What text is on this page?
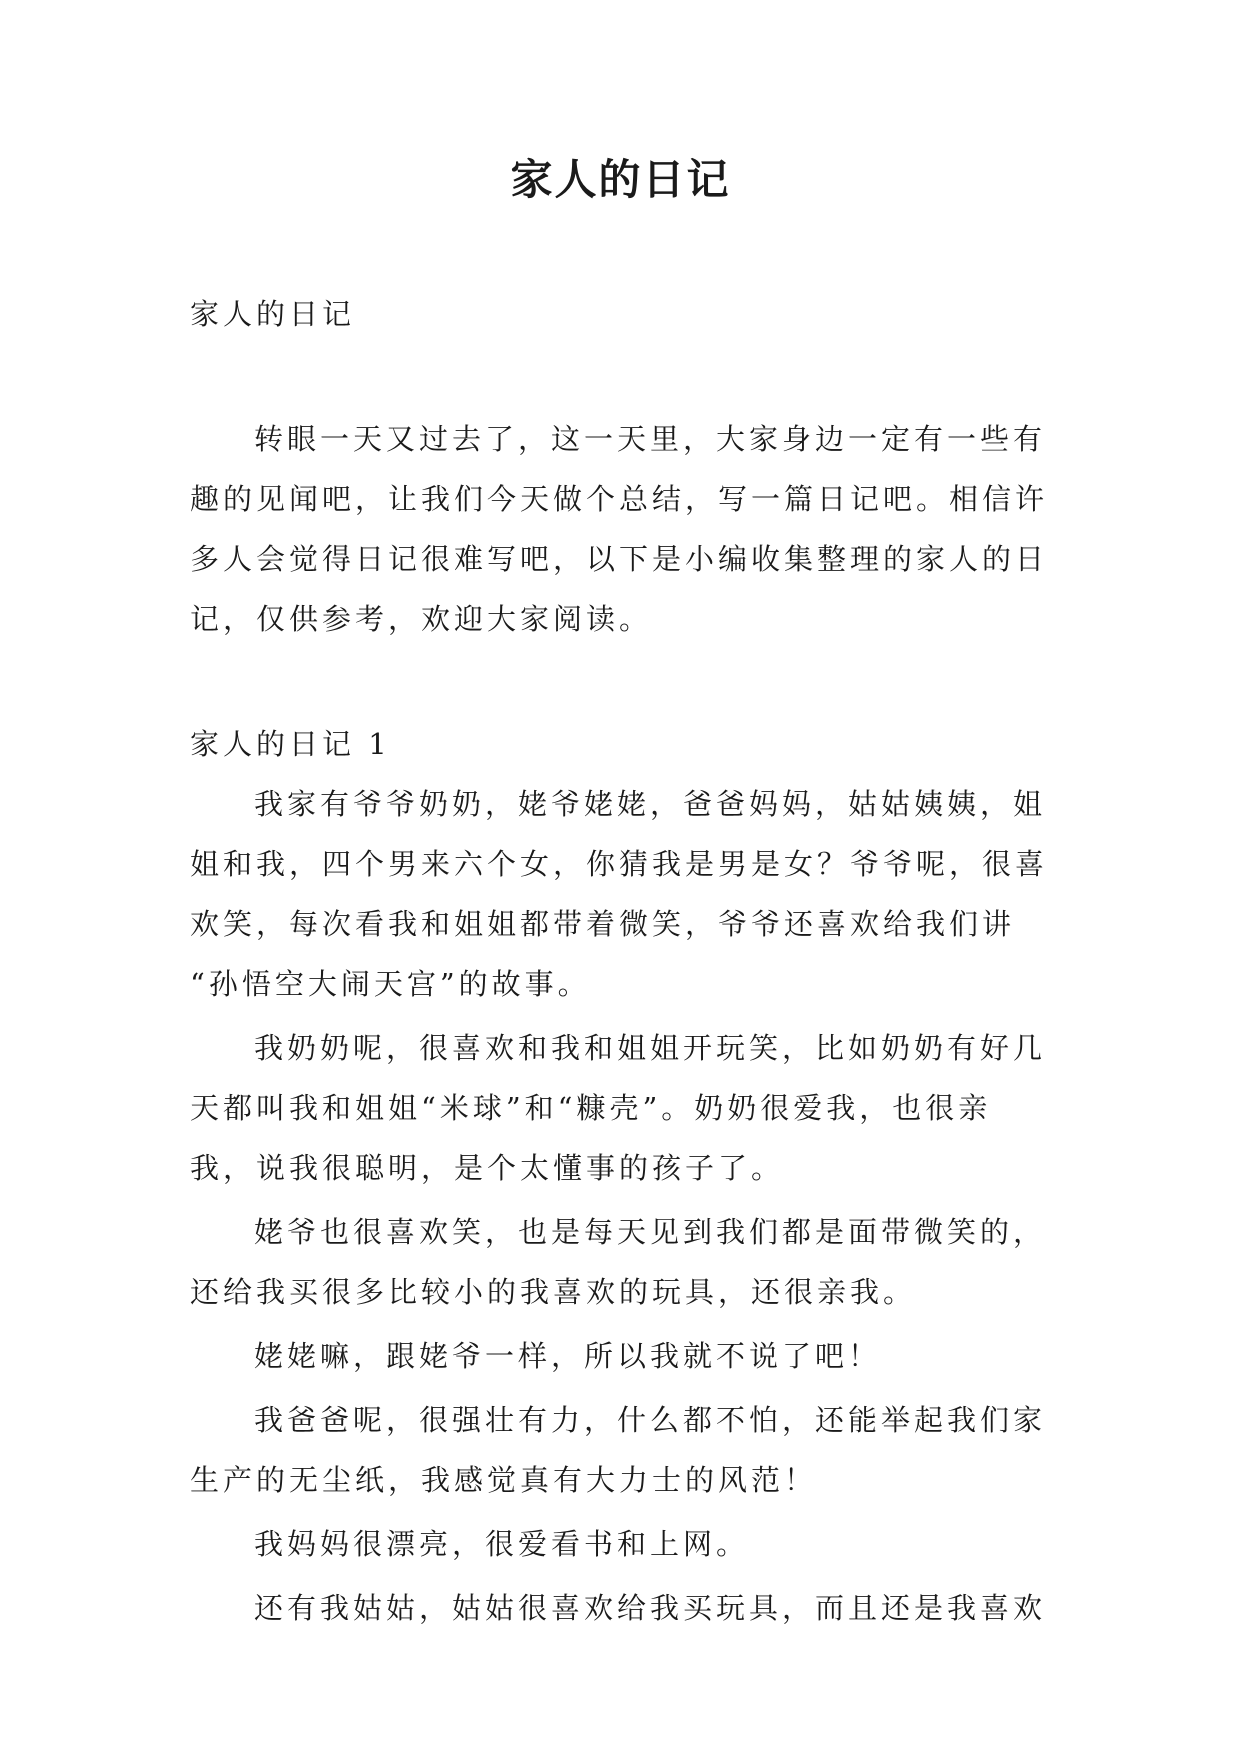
家人的日记
家人的日记
转眼一天又过去了，这一天里，大家身边一定有一些有
趣的见闻吧，让我们今天做个总结，写一篇日记吧。相信许
多人会觉得日记很难写吧，以下是小编收集整理的家人的日
记，仅供参考，欢迎大家阅读。
家人的日记 1
我家有爷爷奶奶，姥爷姥姥，爸爸妈妈，姑姑姨姨，姐
姐和我，四个男来六个女，你猜我是男是女？爷爷呢，很喜
欢笑，每次看我和姐姐都带着微笑，爷爷还喜欢给我们讲
“孙悟空大闹天宫”的故事。
我奶奶呢，很喜欢和我和姐姐开玩笑，比如奶奶有好几
天都叫我和姐姐“米球”和“糠壳”。奶奶很爱我，也很亲
我，说我很聪明，是个太懂事的孩子了。
姥爷也很喜欢笑，也是每天见到我们都是面带微笑的，
还给我买很多比较小的我喜欢的玩具，还很亲我。
姥姥嘛，跟姥爷一样，所以我就不说了吧！
我爸爸呢，很强壮有力，什么都不怕，还能举起我们家
生产的无尘纸，我感觉真有大力士的风范！
我妈妈很漂亮，很爱看书和上网。
还有我姑姑，姑姑很喜欢给我买玩具，而且还是我喜欢
